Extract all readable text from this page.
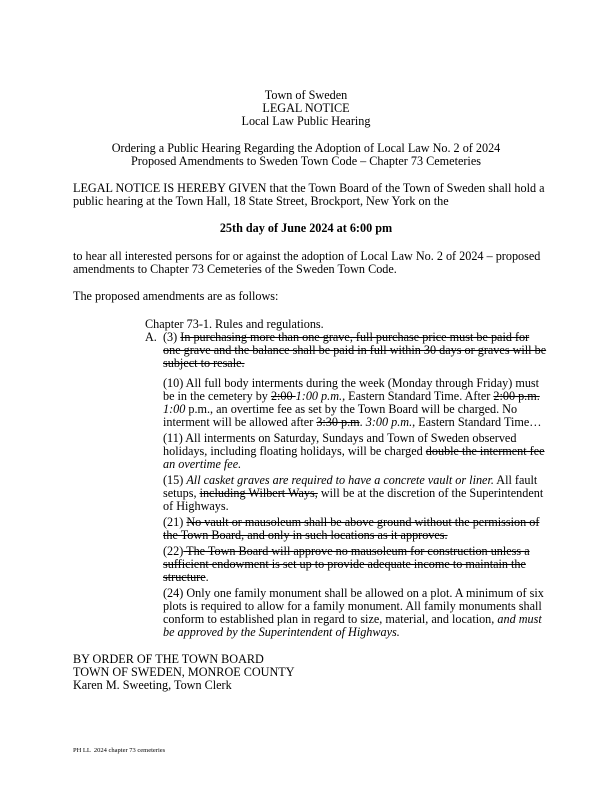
Town of Sweden
LEGAL NOTICE
Local Law Public Hearing
Ordering a Public Hearing Regarding the Adoption of Local Law No. 2 of 2024
Proposed Amendments to Sweden Town Code – Chapter 73 Cemeteries
LEGAL NOTICE IS HEREBY GIVEN that the Town Board of the Town of Sweden shall hold a
public hearing at the Town Hall, 18 State Street, Brockport, New York on the
25th day of June 2024 at 6:00 pm
to hear all interested persons for or against the adoption of Local Law No. 2 of 2024 – proposed
amendments to Chapter 73 Cemeteries of the Sweden Town Code.
The proposed amendments are as follows:
Chapter 73-1. Rules and regulations.
A. (3) In purchasing more than one grave, full purchase price must be paid for
one grave and the balance shall be paid in full within 30 days or graves will be
subject to resale.
(10) All full body interments during the week (Monday through Friday) must
be in the cemetery by 2:00 1:00 p.m., Eastern Standard Time. After 2:00 p.m.
1:00 p.m., an overtime fee as set by the Town Board will be charged. No
interment will be allowed after 3:30 p.m. 3:00 p.m., Eastern Standard Time…
(11) All interments on Saturday, Sundays and Town of Sweden observed
holidays, including floating holidays, will be charged double the interment fee
an overtime fee.
(15) All casket graves are required to have a concrete vault or liner. All fault
setups, including Wilbert Ways, will be at the discretion of the Superintendent
of Highways.
(21) No vault or mausoleum shall be above ground without the permission of
the Town Board, and only in such locations as it approves.
(22) The Town Board will approve no mausoleum for construction unless a
sufficient endowment is set up to provide adequate income to maintain the
structure.
(24) Only one family monument shall be allowed on a plot. A minimum of six
plots is required to allow for a family monument. All family monuments shall
conform to established plan in regard to size, material, and location, and must
be approved by the Superintendent of Highways.
BY ORDER OF THE TOWN BOARD
TOWN OF SWEDEN, MONROE COUNTY
Karen M. Sweeting, Town Clerk
PH LL  2024 chapter 73 cemeteries
